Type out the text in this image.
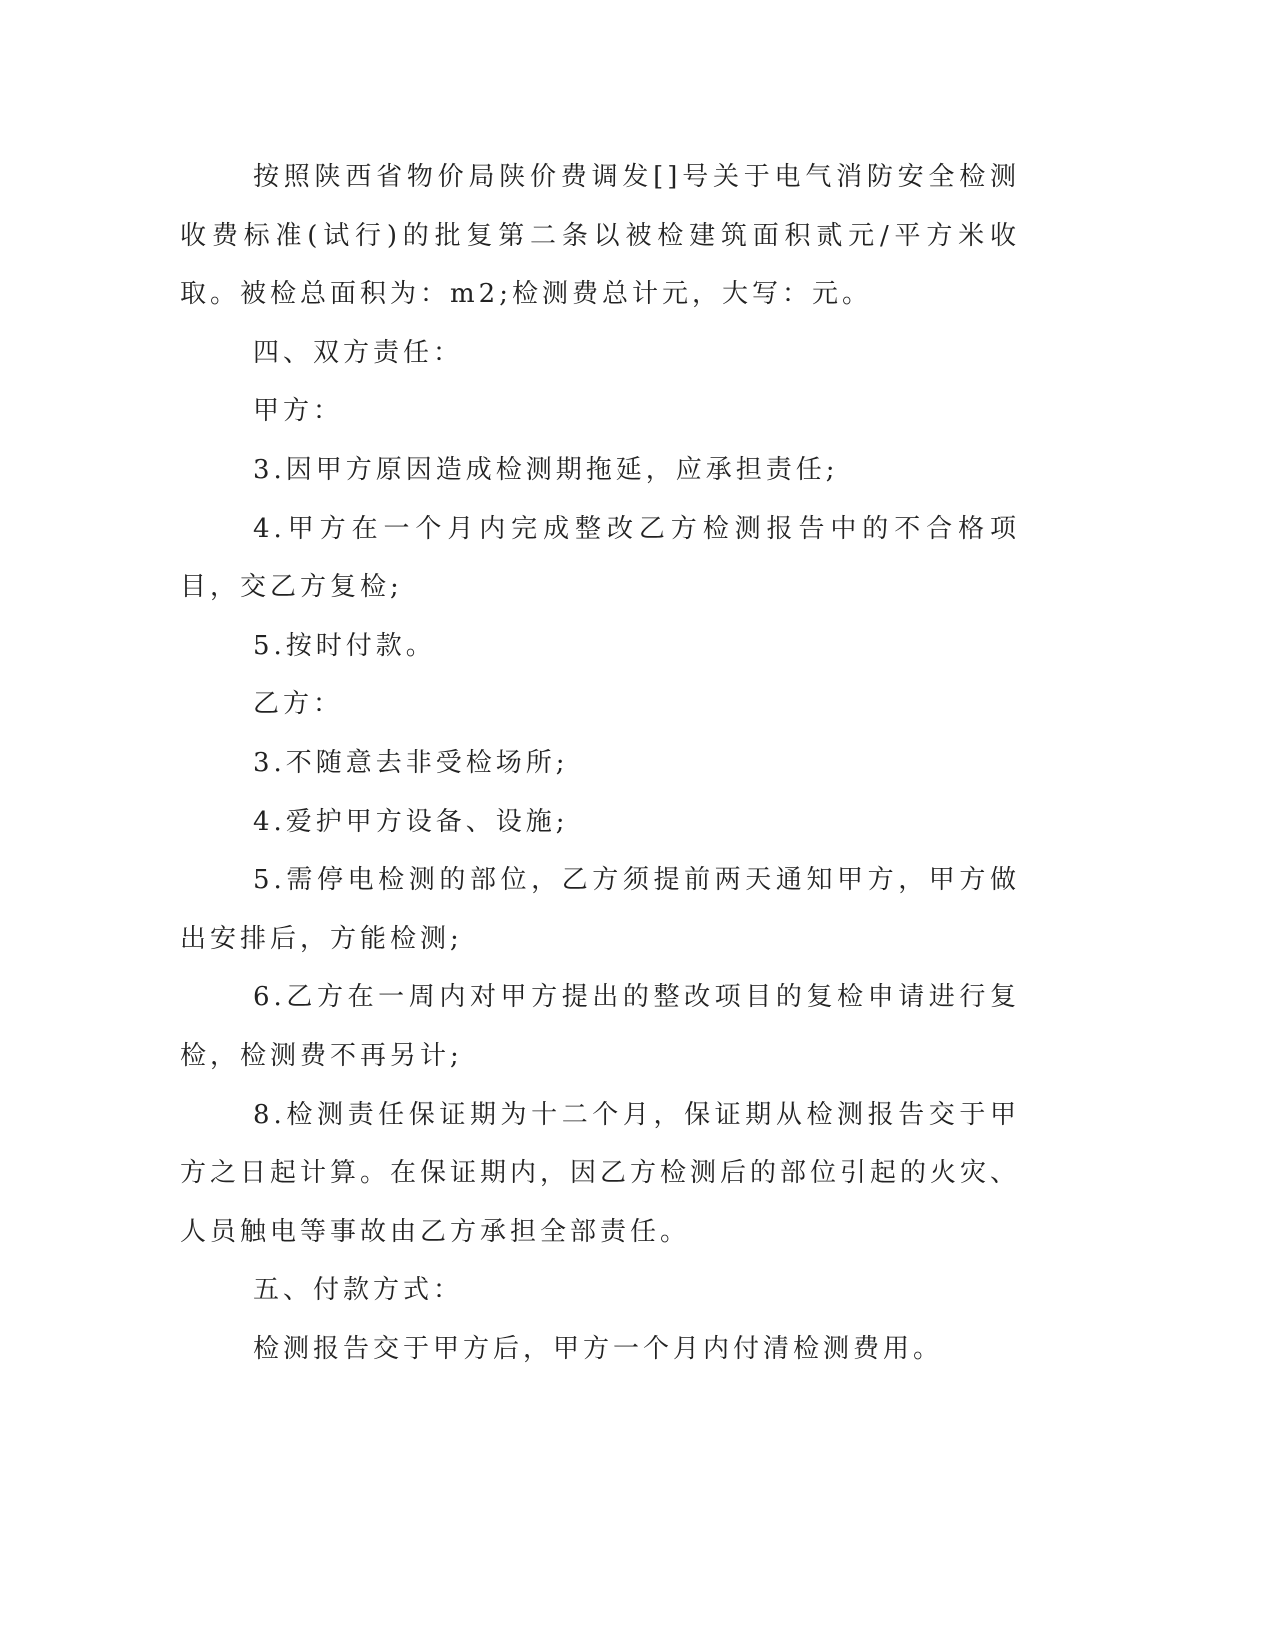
按照陕西省物价局陕价费调发[]号关于电气消防安全检测收费标准(试行)的批复第二条以被检建筑面积贰元/平方米收取。被检总面积为：m2;检测费总计元，大写：元。

四、双方责任：

甲方：

3.因甲方原因造成检测期拖延，应承担责任;

4.甲方在一个月内完成整改乙方检测报告中的不合格项目，交乙方复检;

5.按时付款。

乙方：

3.不随意去非受检场所;

4.爱护甲方设备、设施;

5.需停电检测的部位，乙方须提前两天通知甲方，甲方做出安排后，方能检测;

6.乙方在一周内对甲方提出的整改项目的复检申请进行复检，检测费不再另计;

8.检测责任保证期为十二个月，保证期从检测报告交于甲方之日起计算。在保证期内，因乙方检测后的部位引起的火灾、人员触电等事故由乙方承担全部责任。

五、付款方式：

检测报告交于甲方后，甲方一个月内付清检测费用。
